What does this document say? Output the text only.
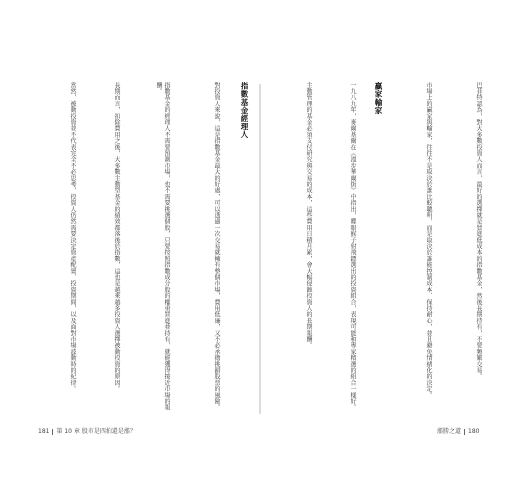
指數基金經理人
對投資人來說，這是指數基金最大的好處，可以透過一次交易就擁有整個市場，費用低廉，又不必承擔挑錯股票的風險。
指數基金的經理人不需要預測市場，也不需要挑選個股，只要按照指數成分股的權重買進並持有，就能獲得接近市場的報酬。
長期而言，扣除費用之後，大多數主動型基金的績效都落後於指數，這也是越來越多投資人選擇被動投資的原因。
當然，被動投資並不代表完全不必思考，投資人仍然需要決定資產配置、投資期間，以及面對市場波動時的紀律。	巴菲特認為，對大多數投資人而言，最好的選擇就是買進低成本的指數基金，然後長期持有，不要頻繁交易。
市場上的贏家與輸家，往往不是取決於誰比較聰明，而是取決於誰能控制成本、保持耐心，並且避免情緒化的決定。
贏家輸家
一九八九年，麥爾基爾在《漫步華爾街》中指出，矇眼猴子射飛鏢選出的投資組合，表現可能和專家精選的組合一樣好。
主動管理的基金必須支付研究與交易的成本，這些費用日積月累，會大幅侵蝕投資人的長期報酬。
181 第 10 章 股市是四拍還是漲？	漲勝之道 180
